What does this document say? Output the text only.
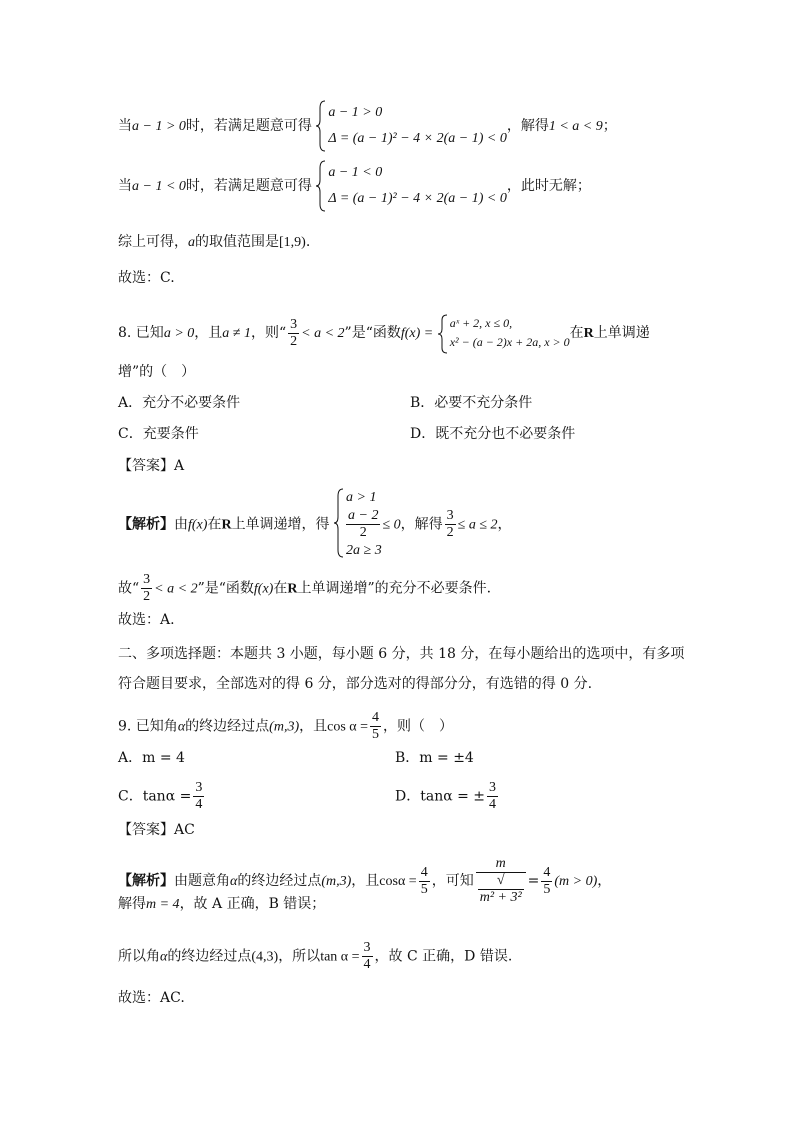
当a − 1 > 0时，若满足题意可得
a − 1 > 0
Δ = (a − 1)² − 4 × 2(a − 1) < 0
，解得1 < a < 9；
当a − 1 < 0时，若满足题意可得
a − 1 < 0
Δ = (a − 1)² − 4 × 2(a − 1) < 0
，此时无解；
综上可得，a的取值范围是[1,9).
故选：C.
8. 已知a > 0，且a ≠ 1，则“ $\frac{3}{2} < a < 2$”是“函数f(x) =
aˣ + 2, x ≤ 0,
x² − (a − 2)x + 2a, x > 0
在R上单调递
增”的（　）
A．充分不必要条件	B．必要不充分条件
C．充要条件	D．既不充分也不必要条件
【答案】A
【解析】由f(x)在R上单调递增，得
a > 1
$\frac{a - 2}{2} \le 0$
2a ≥ 3
，解得 $\frac{3}{2} \le a \le 2$，
故“ $\frac{3}{2} < a < 2$”是“函数f(x)在R上单调递增”的充分不必要条件.
故选：A.
二、多项选择题：本题共 3 小题，每小题 6 分，共 18 分，在每小题给出的选项中，有多项
符合题目要求，全部选对的得 6 分，部分选对的得部分分，有选错的得 0 分.
9. 已知角α的终边经过点(m,3)，且$\cos \alpha = \frac{4}{5}$ ，则（　）
A．m = 4	B．m = ±4
C．$\tan\alpha = \frac{3}{4}$	D．tanα = ± $\frac{3}{4}$
【答案】AC
【解析】由题意角α的终边经过点(m,3)，且$\cos\alpha = \frac{4}{5}$ ，可知 m
√
$m^2 + 3^2 = \frac{4}{5} (m > 0)$，
解得m = 4，故 A 正确，B 错误；
所以角α的终边经过点(4,3)，所以$\tan \alpha = \frac{3}{4}$ ，故 C 正确，D 错误.
故选：AC.
